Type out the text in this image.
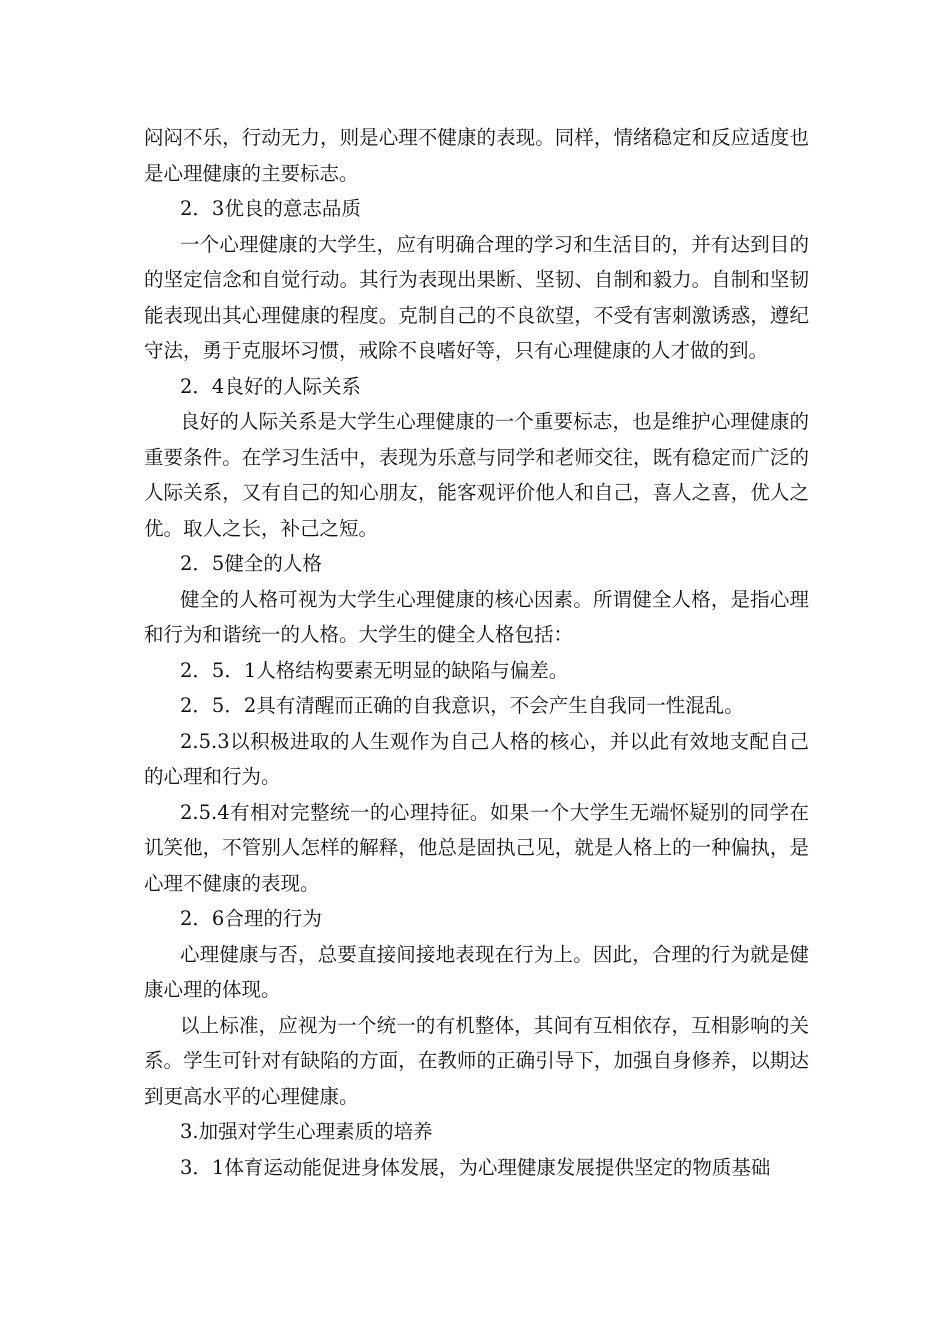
闷闷不乐，行动无力，则是心理不健康的表现。同样，情绪稳定和反应适度也是心理健康的主要标志。

2．3优良的意志品质

一个心理健康的大学生，应有明确合理的学习和生活目的，并有达到目的的坚定信念和自觉行动。其行为表现出果断、坚韧、自制和毅力。自制和坚韧能表现出其心理健康的程度。克制自己的不良欲望，不受有害刺激诱惑，遵纪守法，勇于克服坏习惯，戒除不良嗜好等，只有心理健康的人才做的到。

2．4良好的人际关系

良好的人际关系是大学生心理健康的一个重要标志，也是维护心理健康的重要条件。在学习生活中，表现为乐意与同学和老师交往，既有稳定而广泛的人际关系，又有自己的知心朋友，能客观评价他人和自己，喜人之喜，优人之优。取人之长，补己之短。

2．5健全的人格

健全的人格可视为大学生心理健康的核心因素。所谓健全人格，是指心理和行为和谐统一的人格。大学生的健全人格包括：

2．5．1人格结构要素无明显的缺陷与偏差。

2．5．2具有清醒而正确的自我意识，不会产生自我同一性混乱。

2.5.3以积极进取的人生观作为自己人格的核心，并以此有效地支配自己的心理和行为。

2.5.4有相对完整统一的心理持征。如果一个大学生无端怀疑别的同学在讥笑他，不管别人怎样的解释，他总是固执己见，就是人格上的一种偏执，是心理不健康的表现。

2．6合理的行为

心理健康与否，总要直接间接地表现在行为上。因此，合理的行为就是健康心理的体现。

以上标准，应视为一个统一的有机整体，其间有互相依存，互相影响的关系。学生可针对有缺陷的方面，在教师的正确引导下，加强自身修养，以期达到更高水平的心理健康。

3.加强对学生心理素质的培养

3．1体育运动能促进身体发展，为心理健康发展提供坚定的物质基础
